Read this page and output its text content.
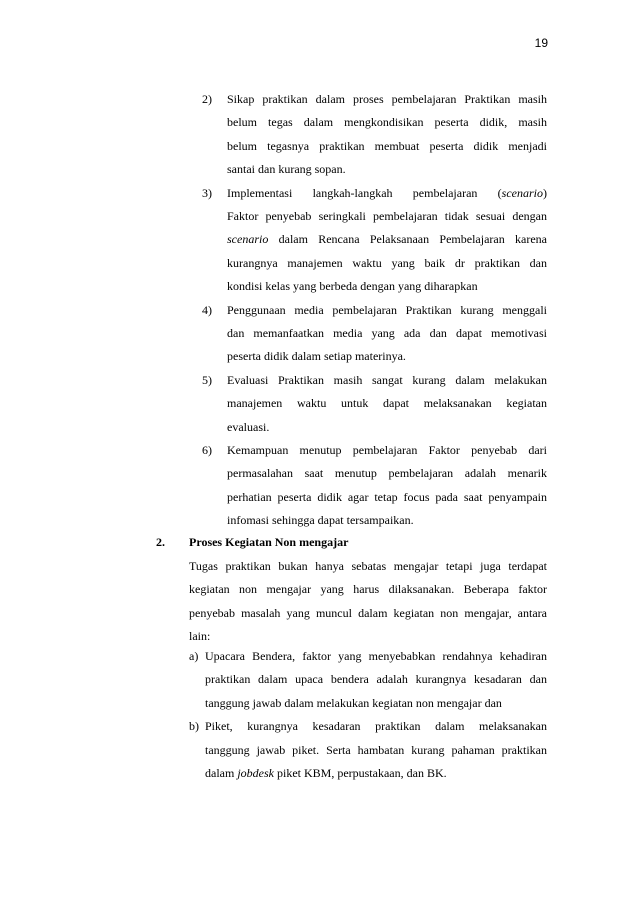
19
2) Sikap praktikan dalam proses pembelajaran Praktikan masih
belum tegas dalam mengkondisikan peserta didik, masih
belum tegasnya praktikan membuat peserta didik menjadi
santai dan kurang sopan.
3) Implementasi langkah-langkah pembelajaran (scenario)
Faktor penyebab seringkali pembelajaran tidak sesuai dengan
scenario dalam Rencana Pelaksanaan Pembelajaran karena
kurangnya manajemen waktu yang baik dr praktikan dan
kondisi kelas yang berbeda dengan yang diharapkan
4) Penggunaan media pembelajaran Praktikan kurang menggali
dan memanfaatkan media yang ada dan dapat memotivasi
peserta didik dalam setiap materinya.
5) Evaluasi Praktikan masih sangat kurang dalam melakukan
manajemen waktu untuk dapat melaksanakan kegiatan
evaluasi.
6) Kemampuan menutup pembelajaran Faktor penyebab dari
permasalahan saat menutup pembelajaran adalah menarik
perhatian peserta didik agar tetap focus pada saat penyampain
infomasi sehingga dapat tersampaikan.
2. Proses Kegiatan Non mengajar
Tugas praktikan bukan hanya sebatas mengajar tetapi juga terdapat
kegiatan non mengajar yang harus dilaksanakan. Beberapa faktor
penyebab masalah yang muncul dalam kegiatan non mengajar, antara
lain:
a) Upacara Bendera, faktor yang menyebabkan rendahnya kehadiran
praktikan dalam upaca bendera adalah kurangnya kesadaran dan
tanggung jawab dalam melakukan kegiatan non mengajar dan
b) Piket, kurangnya kesadaran praktikan dalam melaksanakan
tanggung jawab piket. Serta hambatan kurang pahaman praktikan
dalam jobdesk piket KBM, perpustakaan, dan BK.
